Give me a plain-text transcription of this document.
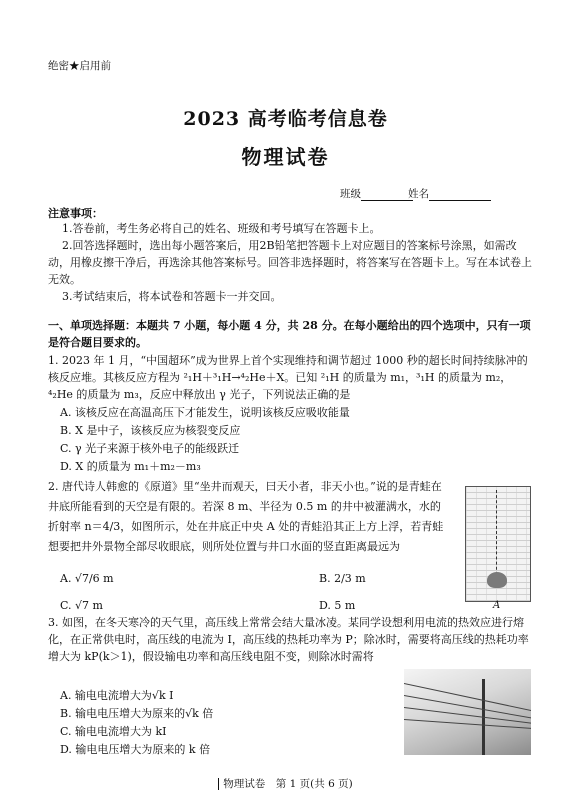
绝密★启用前
2023 高考临考信息卷
物理试卷
班级	姓名
注意事项：
1.答卷前，考生务必将自己的姓名、班级和考号填写在答题卡上。
2.回答选择题时，选出每小题答案后，用2B铅笔把答题卡上对应题目的答案标号涂黑，如需改动，用橡皮擦干净后，再选涂其他答案标号。回答非选择题时，将答案写在答题卡上。写在本试卷上无效。
3.考试结束后，将本试卷和答题卡一并交回。
一、单项选择题：本题共 7 小题，每小题 4 分，共 28 分。在每小题给出的四个选项中，只有一项是符合题目要求的。
1. 2023 年 1 月，“中国超环”成为世界上首个实现维持和调节超过 1000 秒的超长时间持续脉冲的核反应堆。其核反应方程为 ²₁H＋³₁H→⁴₂He＋X。已知 ²₁H 的质量为 m₁，³₁H 的质量为 m₂，⁴₂He 的质量为 m₃，反应中释放出 γ 光子，下列说法正确的是
A. 该核反应在高温高压下才能发生，说明该核反应吸收能量
B. X 是中子，该核反应为核裂变反应
C. γ 光子来源于核外电子的能级跃迁
D. X 的质量为 m₁＋m₂－m₃
2. 唐代诗人韩愈的《原道》里“坐井而观天，曰天小者，非天小也。”说的是青蛙在井底所能看到的天空是有限的。若深 8 m、半径为 0.5 m 的井中被灌满水，水的折射率 n＝4/3，如图所示，处在井底正中央 A 处的青蛙沿其正上方上浮，若青蛙想要把井外景物全部尽收眼底，则所处位置与井口水面的竖直距离最远为
A. √7/6 m	B. 2/3 m
C. √7 m	D. 5 m	A
3. 如图，在冬天寒冷的天气里，高压线上常常会结大量冰凌。某同学设想利用电流的热效应进行熔化，在正常供电时，高压线的电流为 I，高压线的热耗功率为 P；除冰时，需要将高压线的热耗功率增大为 kP(k＞1)，假设输电功率和高压线电阻不变，则除冰时需将
A. 输电电流增大为√k I
B. 输电电压增大为原来的√k 倍
C. 输电电流增大为 kI
D. 输电电压增大为原来的 k 倍
物理试卷　第 1 页(共 6 页)
